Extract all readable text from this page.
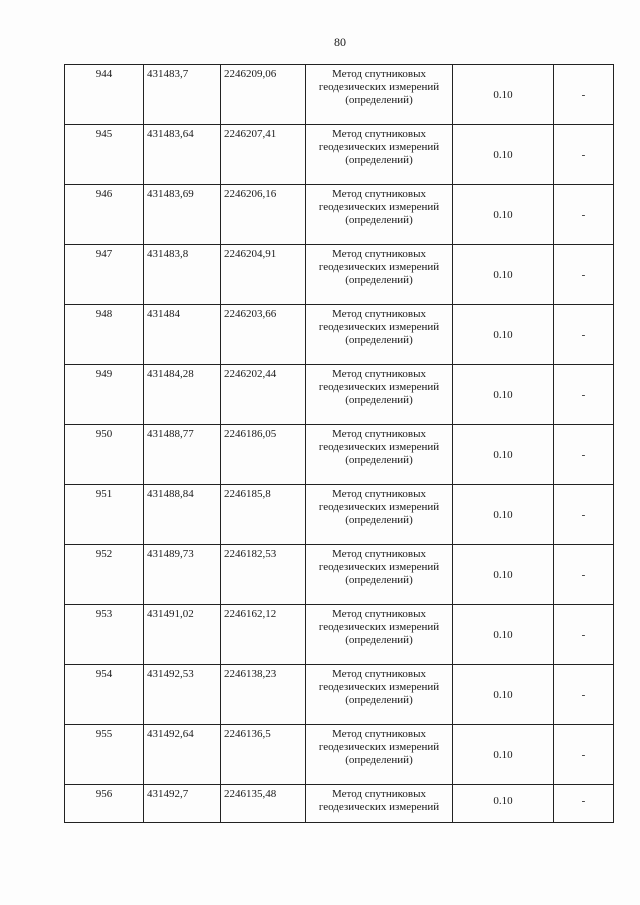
80
944	431483,7	2246209,06	Метод спутниковых
геодезических измерений
(определений)	0.10	-
945	431483,64	2246207,41	Метод спутниковых
геодезических измерений
(определений)	0.10	-
946	431483,69	2246206,16	Метод спутниковых
геодезических измерений
(определений)	0.10	-
947	431483,8	2246204,91	Метод спутниковых
геодезических измерений
(определений)	0.10	-
948	431484	2246203,66	Метод спутниковых
геодезических измерений
(определений)	0.10	-
949	431484,28	2246202,44	Метод спутниковых
геодезических измерений
(определений)	0.10	-
950	431488,77	2246186,05	Метод спутниковых
геодезических измерений
(определений)	0.10	-
951	431488,84	2246185,8	Метод спутниковых
геодезических измерений
(определений)	0.10	-
952	431489,73	2246182,53	Метод спутниковых
геодезических измерений
(определений)	0.10	-
953	431491,02	2246162,12	Метод спутниковых
геодезических измерений
(определений)	0.10	-
954	431492,53	2246138,23	Метод спутниковых
геодезических измерений
(определений)	0.10	-
955	431492,64	2246136,5	Метод спутниковых
геодезических измерений
(определений)	0.10	-
956	431492,7	2246135,48	Метод спутниковых
геодезических измерений	0.10	-
